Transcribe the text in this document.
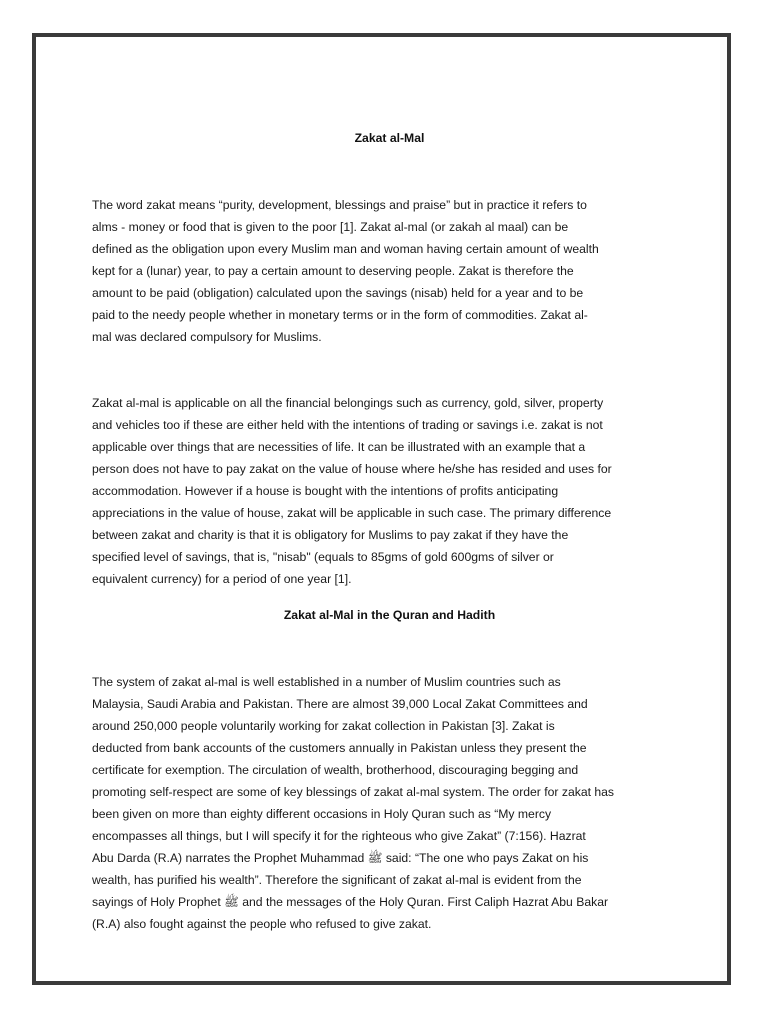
Zakat al-Mal
The word zakat means “purity, development, blessings and praise” but in practice it refers to
alms - money or food that is given to the poor [1]. Zakat al-mal (or zakah al maal) can be
defined as the obligation upon every Muslim man and woman having certain amount of wealth
kept for a (lunar) year, to pay a certain amount to deserving people. Zakat is therefore the
amount to be paid (obligation) calculated upon the savings (nisab) held for a year and to be
paid to the needy people whether in monetary terms or in the form of commodities. Zakat al-
mal was declared compulsory for Muslims.
Zakat al-mal is applicable on all the financial belongings such as currency, gold, silver, property
and vehicles too if these are either held with the intentions of trading or savings i.e. zakat is not
applicable over things that are necessities of life. It can be illustrated with an example that a
person does not have to pay zakat on the value of house where he/she has resided and uses for
accommodation. However if a house is bought with the intentions of profits anticipating
appreciations in the value of house, zakat will be applicable in such case. The primary difference
between zakat and charity is that it is obligatory for Muslims to pay zakat if they have the
specified level of savings, that is, "nisab" (equals to 85gms of gold 600gms of silver or
equivalent currency) for a period of one year [1].
Zakat al-Mal in the Quran and Hadith
The system of zakat al-mal is well established in a number of Muslim countries such as
Malaysia, Saudi Arabia and Pakistan. There are almost 39,000 Local Zakat Committees and
around 250,000 people voluntarily working for zakat collection in Pakistan [3]. Zakat is
deducted from bank accounts of the customers annually in Pakistan unless they present the
certificate for exemption. The circulation of wealth, brotherhood, discouraging begging and
promoting self-respect are some of key blessings of zakat al-mal system. The order for zakat has
been given on more than eighty different occasions in Holy Quran such as “My mercy
encompasses all things, but I will specify it for the righteous who give Zakat” (7:156). Hazrat
Abu Darda (R.A) narrates the Prophet Muhammad ﷺ said: “The one who pays Zakat on his
wealth, has purified his wealth”. Therefore the significant of zakat al-mal is evident from the
sayings of Holy Prophet ﷺ and the messages of the Holy Quran. First Caliph Hazrat Abu Bakar
(R.A) also fought against the people who refused to give zakat.
